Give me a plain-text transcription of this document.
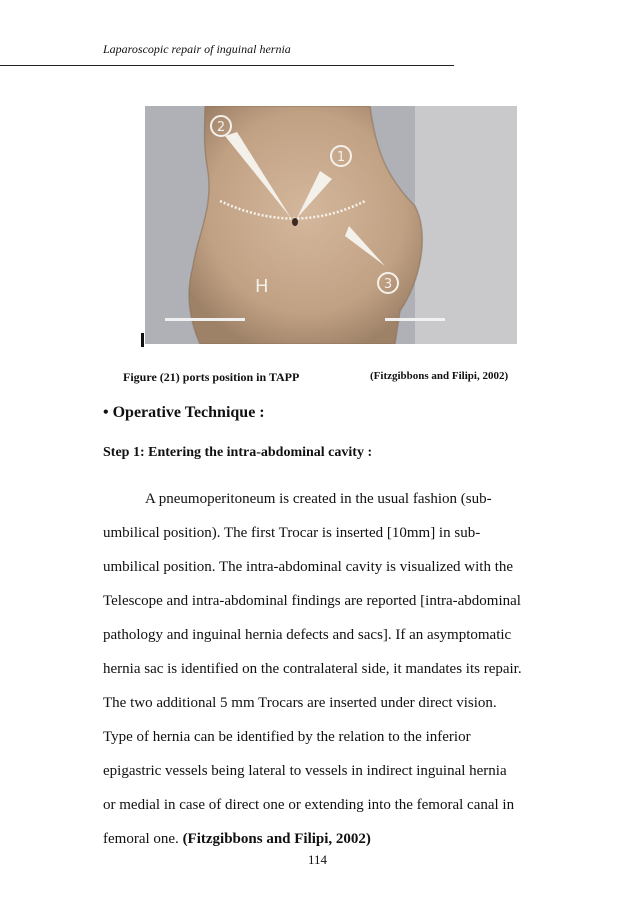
Laparoscopic repair of inguinal hernia
2
1
3
H
Figure (21) ports position in TAPP	(Fitzgibbons and Filipi, 2002)
• Operative Technique :
Step 1: Entering the intra-abdominal cavity :
A pneumoperitoneum is created in the usual fashion (sub-
umbilical position). The first Trocar is inserted [10mm] in sub-
umbilical position. The intra-abdominal cavity is visualized with the
Telescope and intra-abdominal findings are reported [intra-abdominal
pathology and inguinal hernia defects and sacs]. If an asymptomatic
hernia sac is identified on the contralateral side, it mandates its repair.
The two additional 5 mm Trocars are inserted under direct vision.
Type of hernia can be identified by the relation to the inferior
epigastric vessels being lateral to vessels in indirect inguinal hernia
or medial in case of direct one or extending into the femoral canal in
femoral one. (Fitzgibbons and Filipi, 2002)
114
